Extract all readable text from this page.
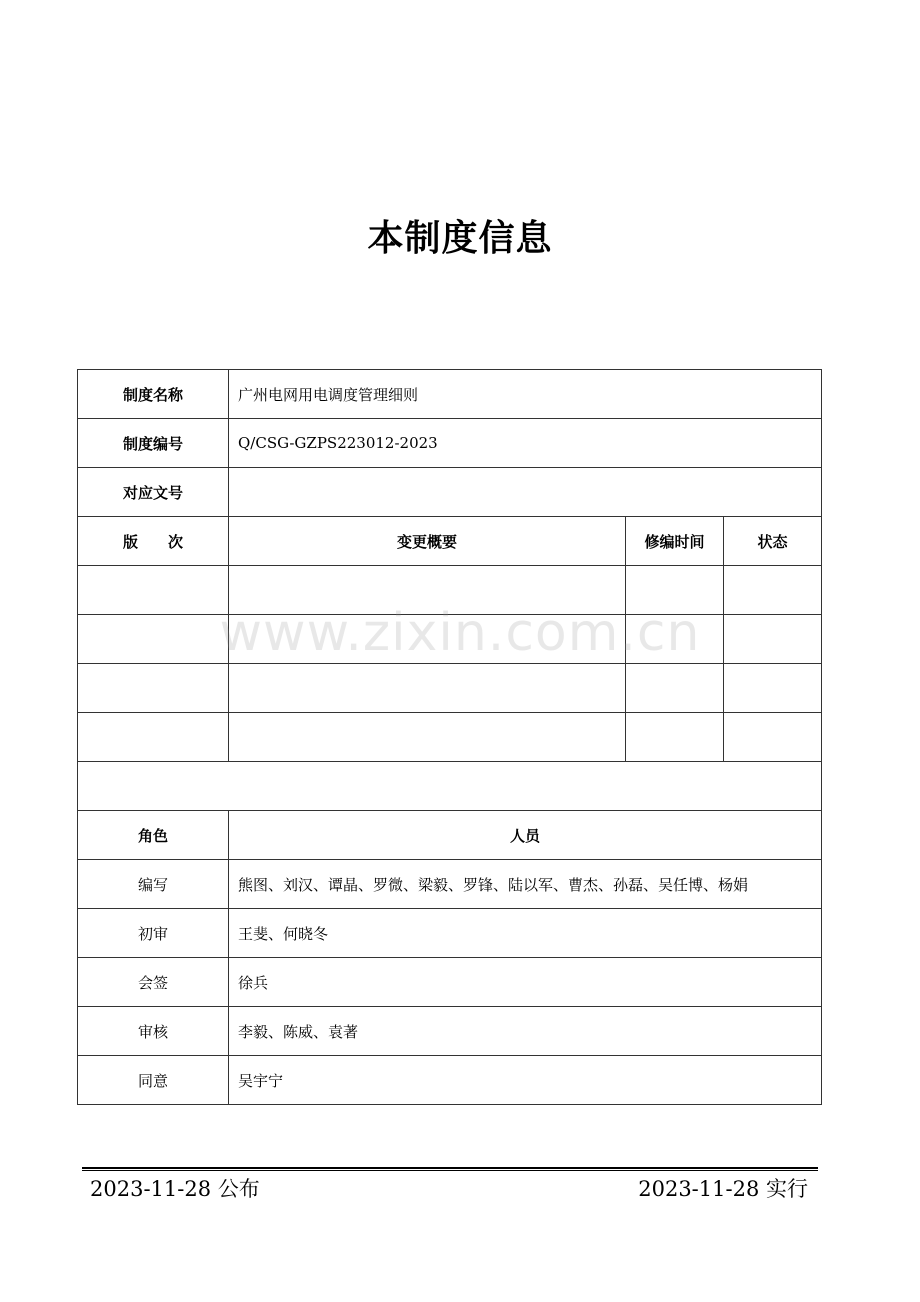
本制度信息
制度名称	广州电网用电调度管理细则		
制度编号	Q/CSG-GZPS223012-2023		
对应文号			
版　　次	变更概要	修编时间	状态

角色	人员		
编写	熊图、刘汉、谭晶、罗微、梁毅、罗锋、陆以军、曹杰、孙磊、吴任博、杨娟		
初审	王斐、何晓冬		
会签	徐兵		
审核	李毅、陈威、袁著		
同意	吴宇宁		
www.zixin.com.cn
2023-11-28 公布	2023-11-28 实行
